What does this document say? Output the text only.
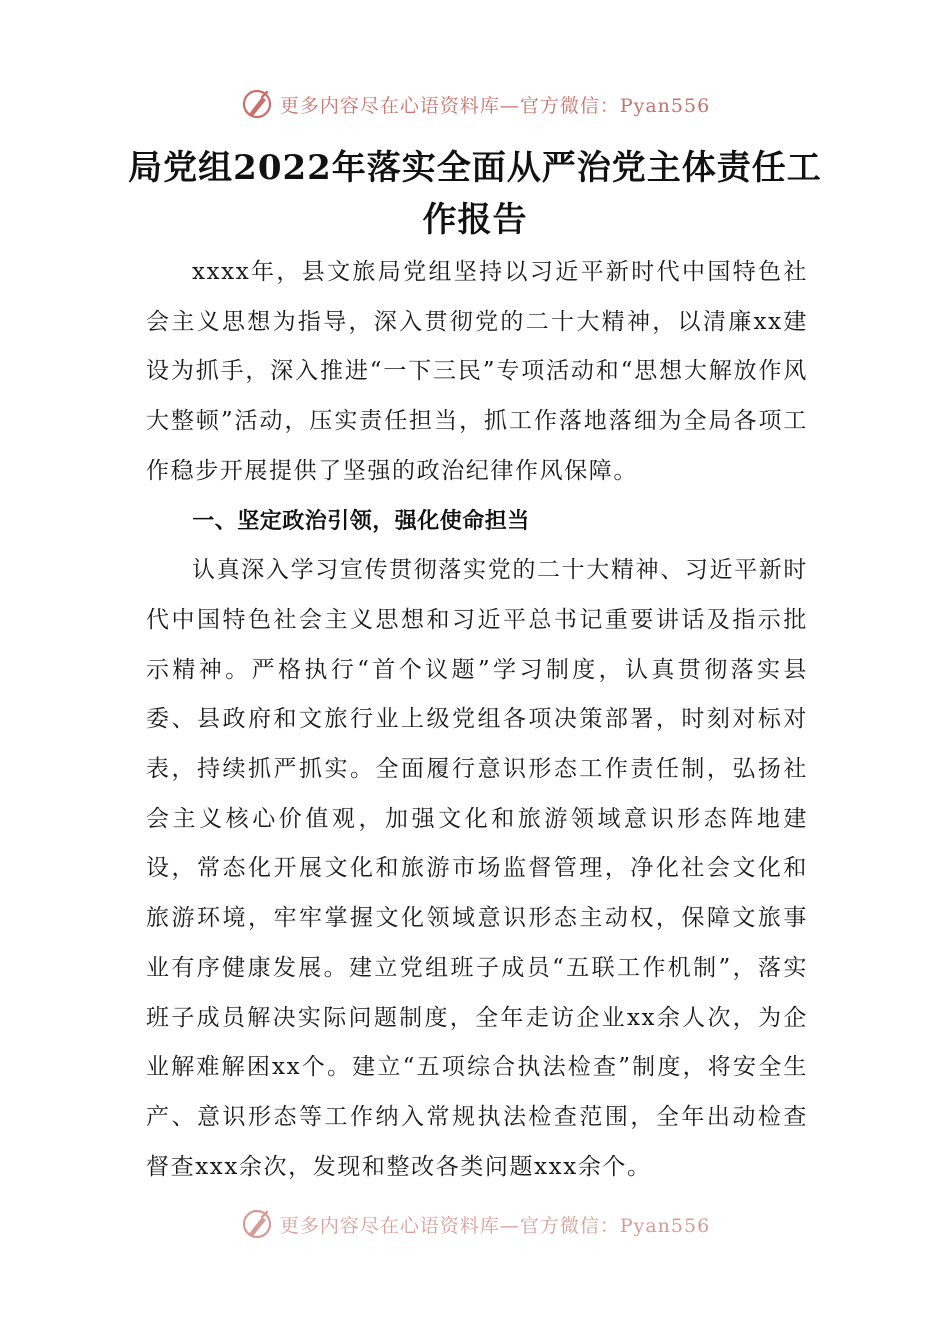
更多内容尽在心语资料库—官方微信：Pyan556
局党组2022年落实全面从严治党主体责任工作报告

xxxx年，县文旅局党组坚持以习近平新时代中国特色社会主义思想为指导，深入贯彻党的二十大精神，以清廉xx建设为抓手，深入推进“一下三民”专项活动和“思想大解放作风大整顿”活动，压实责任担当，抓工作落地落细为全局各项工作稳步开展提供了坚强的政治纪律作风保障。

一、坚定政治引领，强化使命担当

认真深入学习宣传贯彻落实党的二十大精神、习近平新时代中国特色社会主义思想和习近平总书记重要讲话及指示批示精神。严格执行“首个议题”学习制度，认真贯彻落实县委、县政府和文旅行业上级党组各项决策部署，时刻对标对表，持续抓严抓实。全面履行意识形态工作责任制，弘扬社会主义核心价值观，加强文化和旅游领域意识形态阵地建设，常态化开展文化和旅游市场监督管理，净化社会文化和旅游环境，牢牢掌握文化领域意识形态主动权，保障文旅事业有序健康发展。建立党组班子成员“五联工作机制”，落实班子成员解决实际问题制度，全年走访企业xx余人次，为企业解难解困xx个。建立“五项综合执法检查”制度，将安全生产、意识形态等工作纳入常规执法检查范围，全年出动检查督查xxx余次，发现和整改各类问题xxx余个。

更多内容尽在心语资料库—官方微信：Pyan556
